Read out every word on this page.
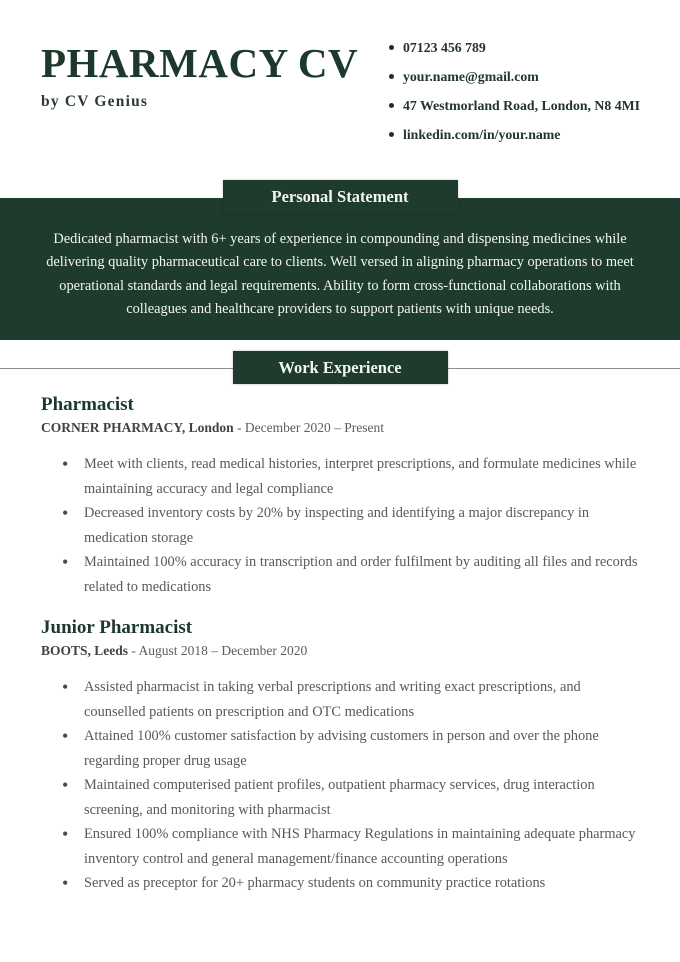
PHARMACY CV
by CV Genius
07123 456 789
your.name@gmail.com
47 Westmorland Road, London, N8 4MI
linkedin.com/in/your.name
Personal Statement

Dedicated pharmacist with 6+ years of experience in compounding and dispensing medicines while delivering quality pharmaceutical care to clients. Well versed in aligning pharmacy operations to meet operational standards and legal requirements. Ability to form cross-functional collaborations with colleagues and healthcare providers to support patients with unique needs.

Work Experience
Pharmacist
CORNER PHARMACY, London - December 2020 – Present
• Meet with clients, read medical histories, interpret prescriptions, and formulate medicines while maintaining accuracy and legal compliance
• Decreased inventory costs by 20% by inspecting and identifying a major discrepancy in medication storage
• Maintained 100% accuracy in transcription and order fulfilment by auditing all files and records related to medications
Junior Pharmacist
BOOTS, Leeds - August 2018 – December 2020
• Assisted pharmacist in taking verbal prescriptions and writing exact prescriptions, and counselled patients on prescription and OTC medications
• Attained 100% customer satisfaction by advising customers in person and over the phone regarding proper drug usage
• Maintained computerised patient profiles, outpatient pharmacy services, drug interaction screening, and monitoring with pharmacist
• Ensured 100% compliance with NHS Pharmacy Regulations in maintaining adequate pharmacy inventory control and general management/finance accounting operations
• Served as preceptor for 20+ pharmacy students on community practice rotations
